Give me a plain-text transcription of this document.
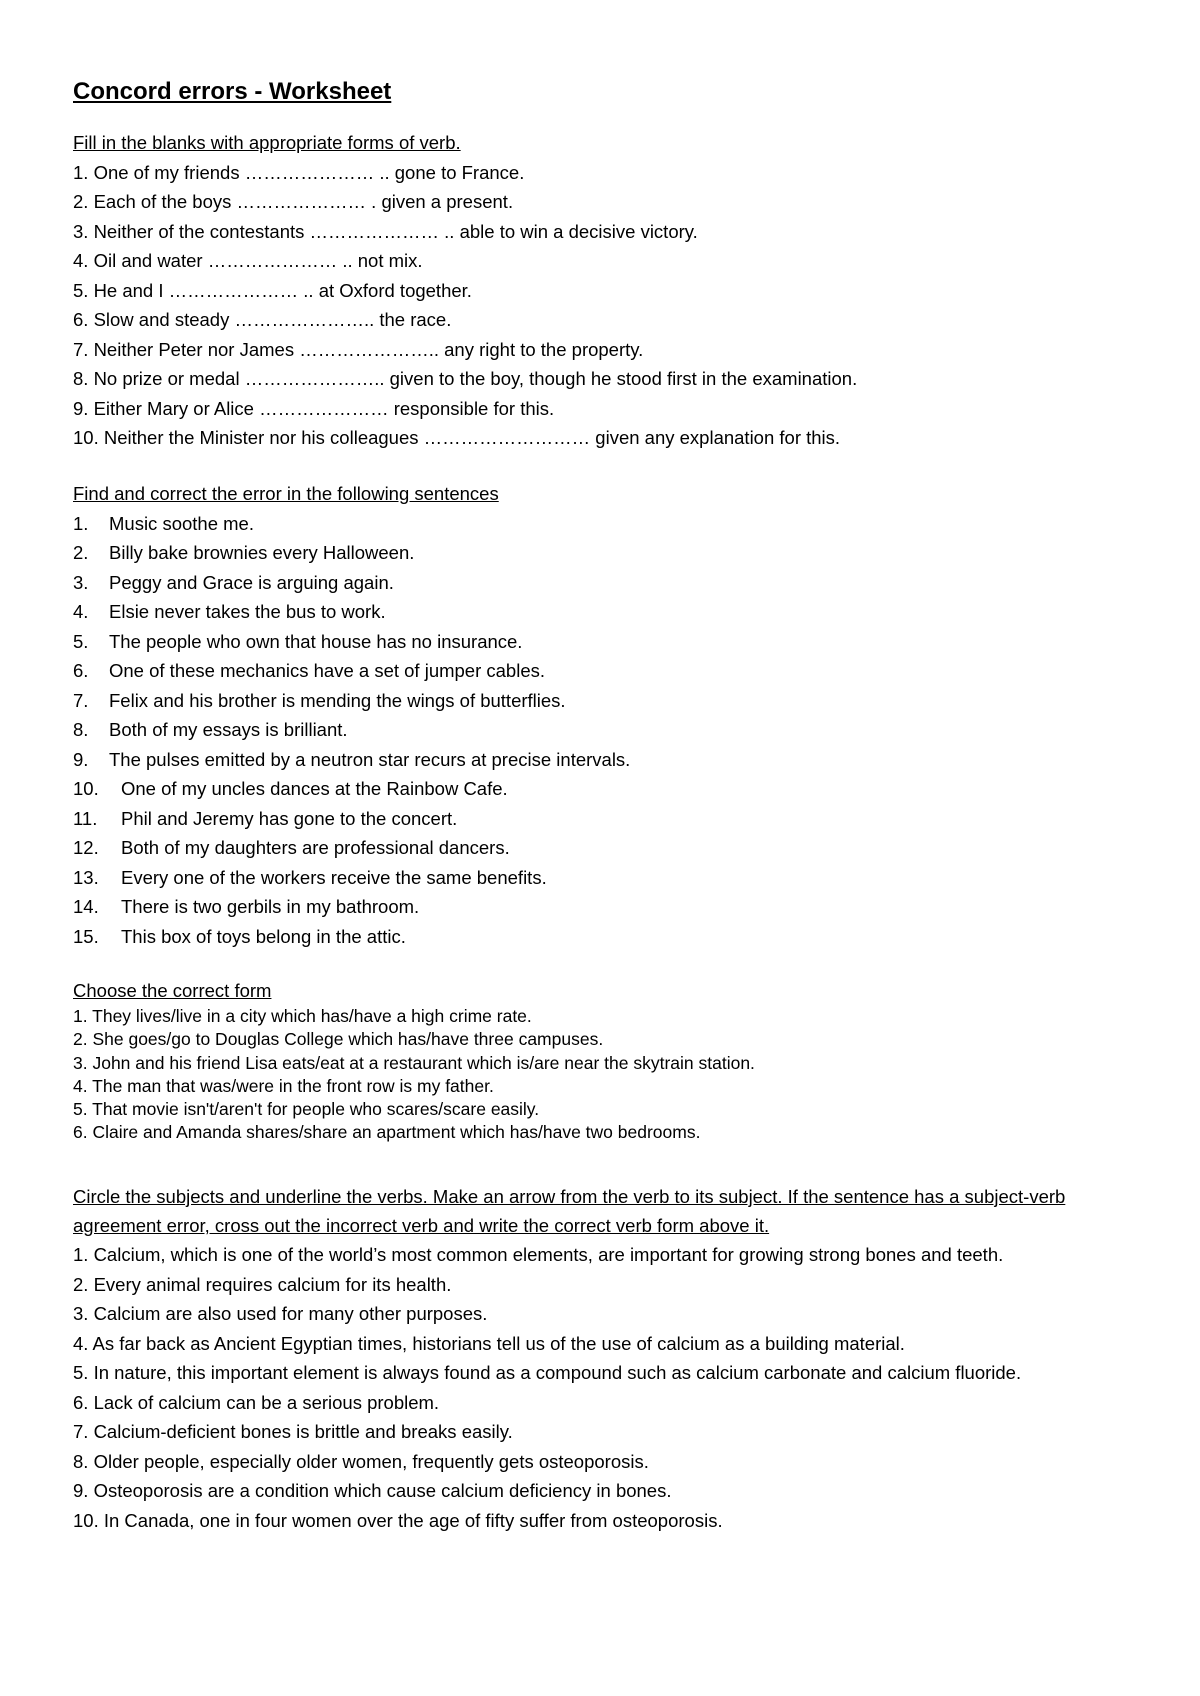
Concord errors - Worksheet
Fill in the blanks with appropriate forms of verb.
1. One of my friends ………………… .. gone to France.
2. Each of the boys ………………… . given a present.
3. Neither of the contestants ………………… .. able to win a decisive victory.
4. Oil and water ………………… .. not mix.
5. He and I ………………… .. at Oxford together.
6. Slow and steady ………………….. the race.
7. Neither Peter nor James ………………….. any right to the property.
8. No prize or medal ………………….. given to the boy, though he stood first in the examination.
9. Either Mary or Alice ………………… responsible for this.
10. Neither the Minister nor his colleagues ……………………… given any explanation for this.
Find and correct the error in the following sentences
1.	Music soothe me.
2.	Billy bake brownies every Halloween.
3.	Peggy and Grace is arguing again.
4.	Elsie never takes the bus to work.
5.	The people who own that house has no insurance.
6.	One of these mechanics have a set of jumper cables.
7.	Felix and his brother is mending the wings of butterflies.
8.	Both of my essays is brilliant.
9.	The pulses emitted by a neutron star recurs at precise intervals.
10.	One of my uncles dances at the Rainbow Cafe.
11.	Phil and Jeremy has gone to the concert.
12.	Both of my daughters are professional dancers.
13.	Every one of the workers receive the same benefits.
14.	There is two gerbils in my bathroom.
15.	This box of toys belong in the attic.
Choose the correct form
1. They lives/live in a city which has/have a high crime rate.
2. She goes/go to Douglas College which has/have three campuses.
3. John and his friend Lisa eats/eat at a restaurant which is/are near the skytrain station.
4. The man that was/were in the front row is my father.
5. That movie isn't/aren't for people who scares/scare easily.
6. Claire and Amanda shares/share an apartment which has/have two bedrooms.
Circle the subjects and underline the verbs. Make an arrow from the verb to its subject. If the sentence has a subject-verb agreement error, cross out the incorrect verb and write the correct verb form above it.
1. Calcium, which is one of the world’s most common elements, are important for growing strong bones and teeth.
2. Every animal requires calcium for its health.
3. Calcium are also used for many other purposes.
4. As far back as Ancient Egyptian times, historians tell us of the use of calcium as a building material.
5. In nature, this important element is always found as a compound such as calcium carbonate and calcium fluoride.
6. Lack of calcium can be a serious problem.
7. Calcium-deficient bones is brittle and breaks easily.
8. Older people, especially older women, frequently gets osteoporosis.
9. Osteoporosis are a condition which cause calcium deficiency in bones.
10. In Canada, one in four women over the age of fifty suffer from osteoporosis.
